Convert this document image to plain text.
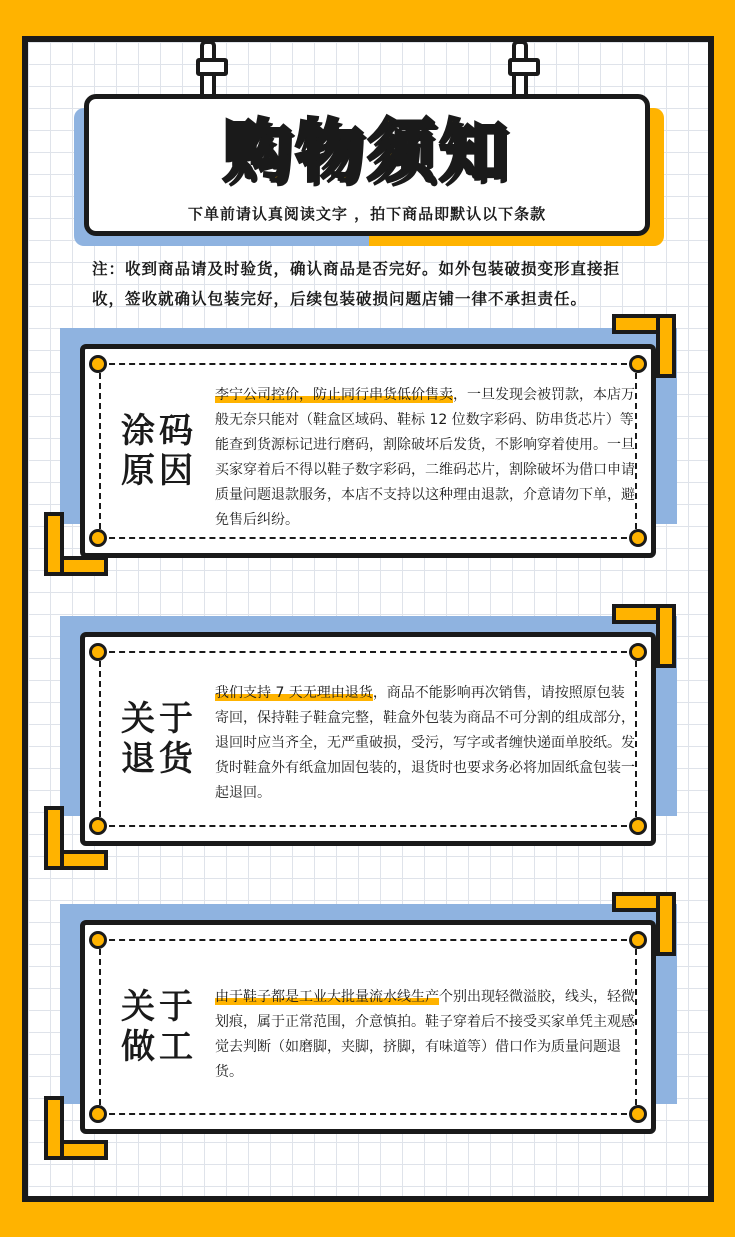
购物须知
下单前请认真阅读文字 ，拍下商品即默认以下条款
注：收到商品请及时验货，确认商品是否完好。如外包装破损变形直接拒收，签收就确认包装完好，后续包装破损问题店铺一律不承担责任。
涂码
原因
李宁公司控价，防止同行串货低价售卖，一旦发现会被罚款，本店万般无奈只能对（鞋盒区域码、鞋标 12 位数字彩码、防串货芯片）等能查到货源标记进行磨码，割除破坏后发货，不影响穿着使用。一旦买家穿着后不得以鞋子数字彩码，二维码芯片，割除破坏为借口申请质量问题退款服务，本店不支持以这种理由退款，介意请勿下单，避免售后纠纷。
关于
退货
我们支持 7 天无理由退货，商品不能影响再次销售，请按照原包装寄回，保持鞋子鞋盒完整，鞋盒外包装为商品不可分割的组成部分，退回时应当齐全，无严重破损，受污，写字或者缠快递面单胶纸。发货时鞋盒外有纸盒加固包装的，退货时也要求务必将加固纸盒包装一起退回。
关于
做工
由于鞋子都是工业大批量流水线生产个别出现轻微溢胶，线头，轻微划痕，属于正常范围，介意慎拍。鞋子穿着后不接受买家单凭主观感觉去判断（如磨脚，夹脚，挤脚，有味道等）借口作为质量问题退货。
